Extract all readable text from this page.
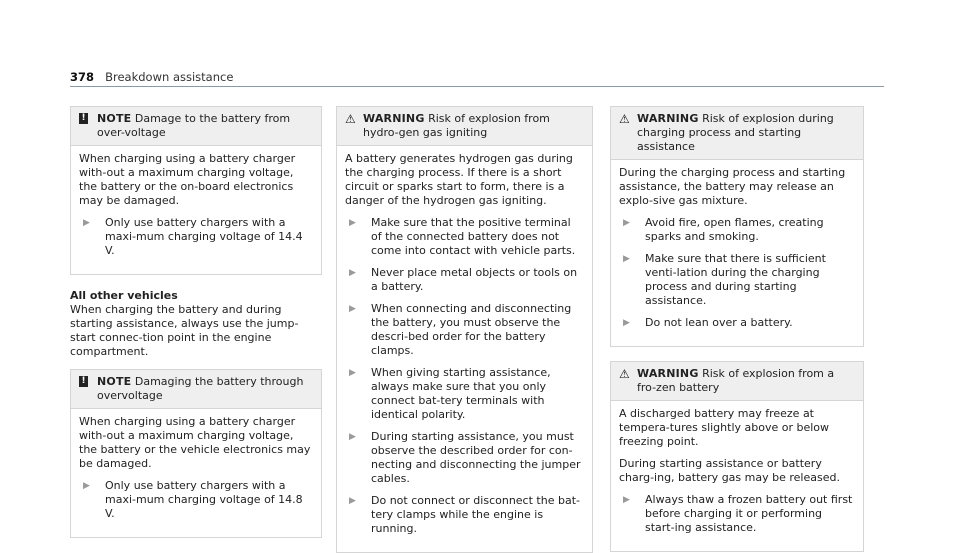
378 Breakdown assistance
! NOTE Damage to the battery from over-voltage

When charging using a battery charger with-out a maximum charging voltage, the battery or the on-board electronics may be damaged.

▶	Only use battery chargers with a maxi-mum charging voltage of 14.4 V.
All other vehicles

When charging the battery and during starting assistance, always use the jump-start connec-tion point in the engine compartment.

! NOTE Damaging the battery through overvoltage

When charging using a battery charger with-out a maximum charging voltage, the battery or the vehicle electronics may be damaged.

▶	Only use battery chargers with a maxi-mum charging voltage of 14.8 V.
⚠ WARNING Risk of explosion from hydro-gen gas igniting

A battery generates hydrogen gas during the charging process. If there is a short circuit or sparks start to form, there is a danger of the hydrogen gas igniting.

▶	Make sure that the positive terminal of the connected battery does not come into contact with vehicle parts.
▶	Never place metal objects or tools on a battery.
▶	When connecting and disconnecting the battery, you must observe the descri-bed order for the battery clamps.
▶	When giving starting assistance, always make sure that you only connect bat-tery terminals with identical polarity.
▶	During starting assistance, you must observe the described order for con-necting and disconnecting the jumper cables.
▶	Do not connect or disconnect the bat-tery clamps while the engine is running.
⚠ WARNING Risk of explosion during charging process and starting assistance

During the charging process and starting assistance, the battery may release an explo-sive gas mixture.

▶	Avoid fire, open flames, creating sparks and smoking.
▶	Make sure that there is sufficient venti-lation during the charging process and during starting assistance.
▶	Do not lean over a battery.
⚠ WARNING Risk of explosion from a fro-zen battery

A discharged battery may freeze at tempera-tures slightly above or below freezing point.

During starting assistance or battery charg-ing, battery gas may be released.

▶	Always thaw a frozen battery out first before charging it or performing start-ing assistance.
